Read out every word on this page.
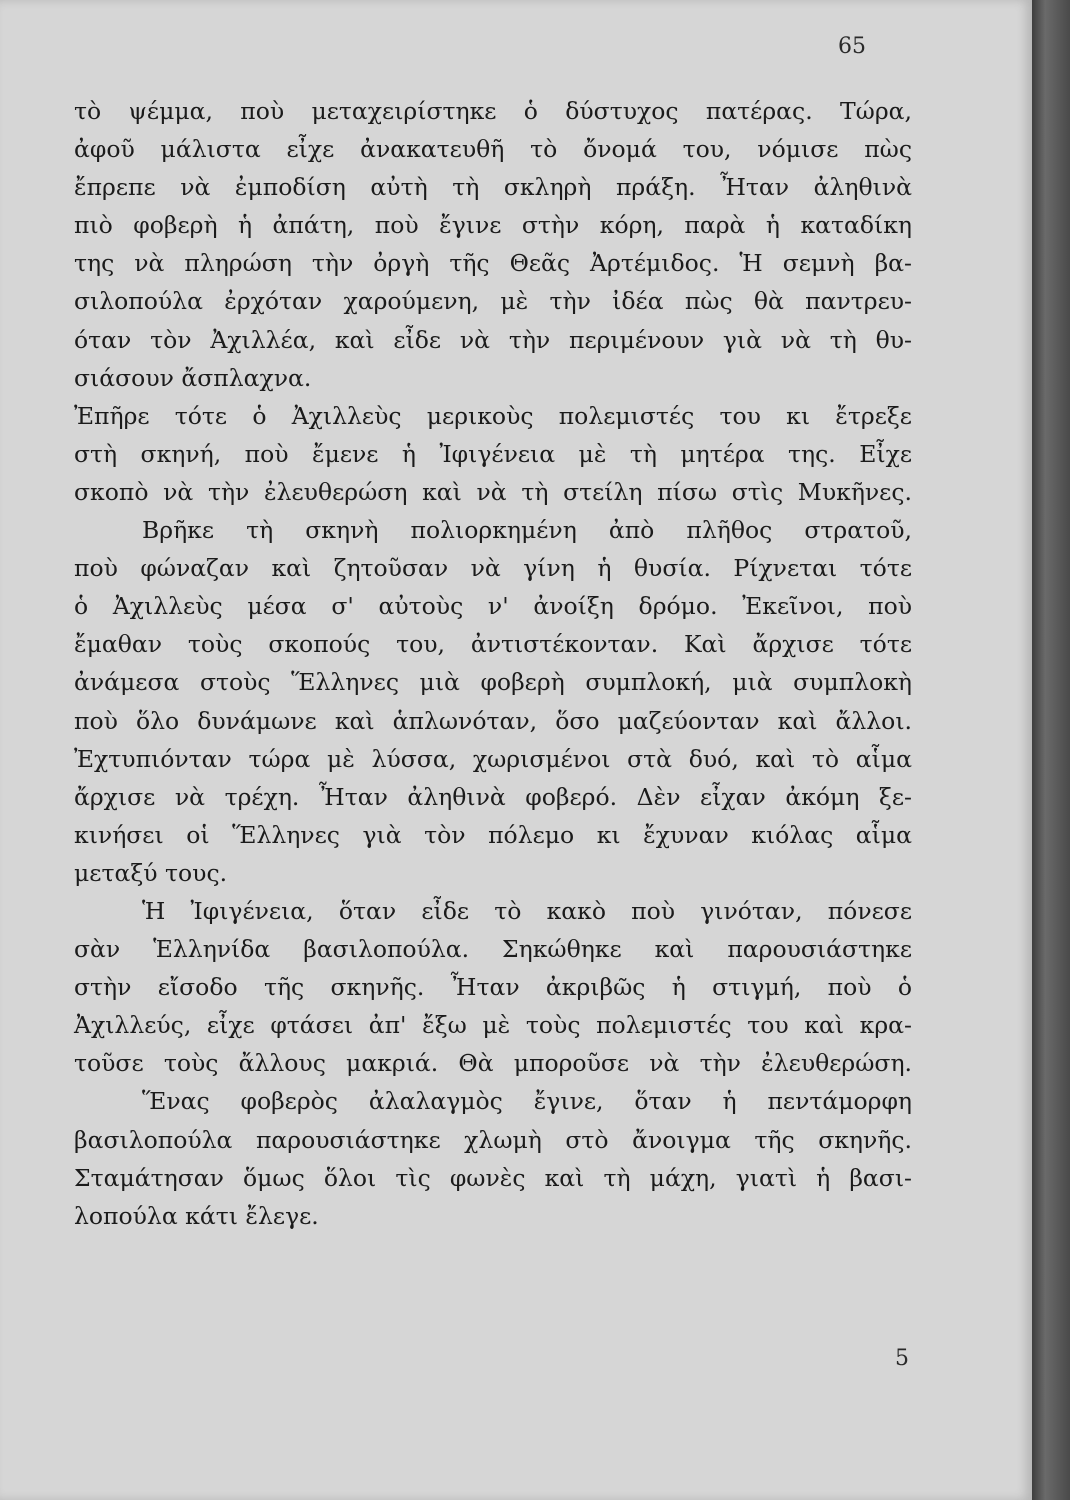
65
τὸ ψέμμα, ποὺ μεταχειρίστηκε ὁ δύστυχος πατέρας. Τώρα,
ἀφοῦ μάλιστα εἶχε ἀνακατευθῆ τὸ ὄνομά του, νόμισε πὼς
ἔπρεπε νὰ ἐμποδίση αὐτὴ τὴ σκληρὴ πράξη. Ἦταν ἀληθινὰ
πιὸ φοβερὴ ἡ ἀπάτη, ποὺ ἔγινε στὴν κόρη, παρὰ ἡ καταδίκη
της νὰ πληρώση τὴν ὀργὴ τῆς Θεᾶς Ἀρτέμιδος. Ἡ σεμνὴ βα-
σιλοπούλα ἐρχόταν χαρούμενη, μὲ τὴν ἰδέα πὼς θὰ παντρευ-
όταν τὸν Ἀχιλλέα, καὶ εἶδε νὰ τὴν περιμένουν γιὰ νὰ τὴ θυ-
σιάσουν ἄσπλαχνα.
Ἐπῆρε τότε ὁ Ἀχιλλεὺς μερικοὺς πολεμιστές του κι ἔτρεξε
στὴ σκηνή, ποὺ ἔμενε ἡ Ἰφιγένεια μὲ τὴ μητέρα της. Εἶχε
σκοπὸ νὰ τὴν ἐλευθερώση καὶ νὰ τὴ στείλη πίσω στὶς Μυκῆνες.
Βρῆκε τὴ σκηνὴ πολιορκημένη ἀπὸ πλῆθος στρατοῦ,
ποὺ φώναζαν καὶ ζητοῦσαν νὰ γίνη ἡ θυσία. Ρίχνεται τότε
ὁ Ἀχιλλεὺς μέσα σ' αὐτοὺς ν' ἀνοίξη δρόμο. Ἐκεῖνοι, ποὺ
ἔμαθαν τοὺς σκοπούς του, ἀντιστέκονταν. Καὶ ἄρχισε τότε
ἀνάμεσα στοὺς Ἕλληνες μιὰ φοβερὴ συμπλοκή, μιὰ συμπλοκὴ
ποὺ ὅλο δυνάμωνε καὶ ἁπλωνόταν, ὅσο μαζεύονταν καὶ ἄλλοι.
Ἐχτυπιόνταν τώρα μὲ λύσσα, χωρισμένοι στὰ δυό, καὶ τὸ αἷμα
ἄρχισε νὰ τρέχη. Ἦταν ἀληθινὰ φοβερό. Δὲν εἶχαν ἀκόμη ξε-
κινήσει οἱ Ἕλληνες γιὰ τὸν πόλεμο κι ἔχυναν κιόλας αἷμα
μεταξύ τους.
Ἡ Ἰφιγένεια, ὅταν εἶδε τὸ κακὸ ποὺ γινόταν, πόνεσε
σὰν Ἑλληνίδα βασιλοπούλα. Σηκώθηκε καὶ παρουσιάστηκε
στὴν εἴσοδο τῆς σκηνῆς. Ἦταν ἀκριβῶς ἡ στιγμή, ποὺ ὁ
Ἀχιλλεύς, εἶχε φτάσει ἀπ' ἔξω μὲ τοὺς πολεμιστές του καὶ κρα-
τοῦσε τοὺς ἄλλους μακριά. Θὰ μποροῦσε νὰ τὴν ἐλευθερώση.
Ἕνας φοβερὸς ἀλαλαγμὸς ἔγινε, ὅταν ἡ πεντάμορφη
βασιλοπούλα παρουσιάστηκε χλωμὴ στὸ ἄνοιγμα τῆς σκηνῆς.
Σταμάτησαν ὅμως ὅλοι τὶς φωνὲς καὶ τὴ μάχη, γιατὶ ἡ βασι-
λοπούλα κάτι ἔλεγε.
5
